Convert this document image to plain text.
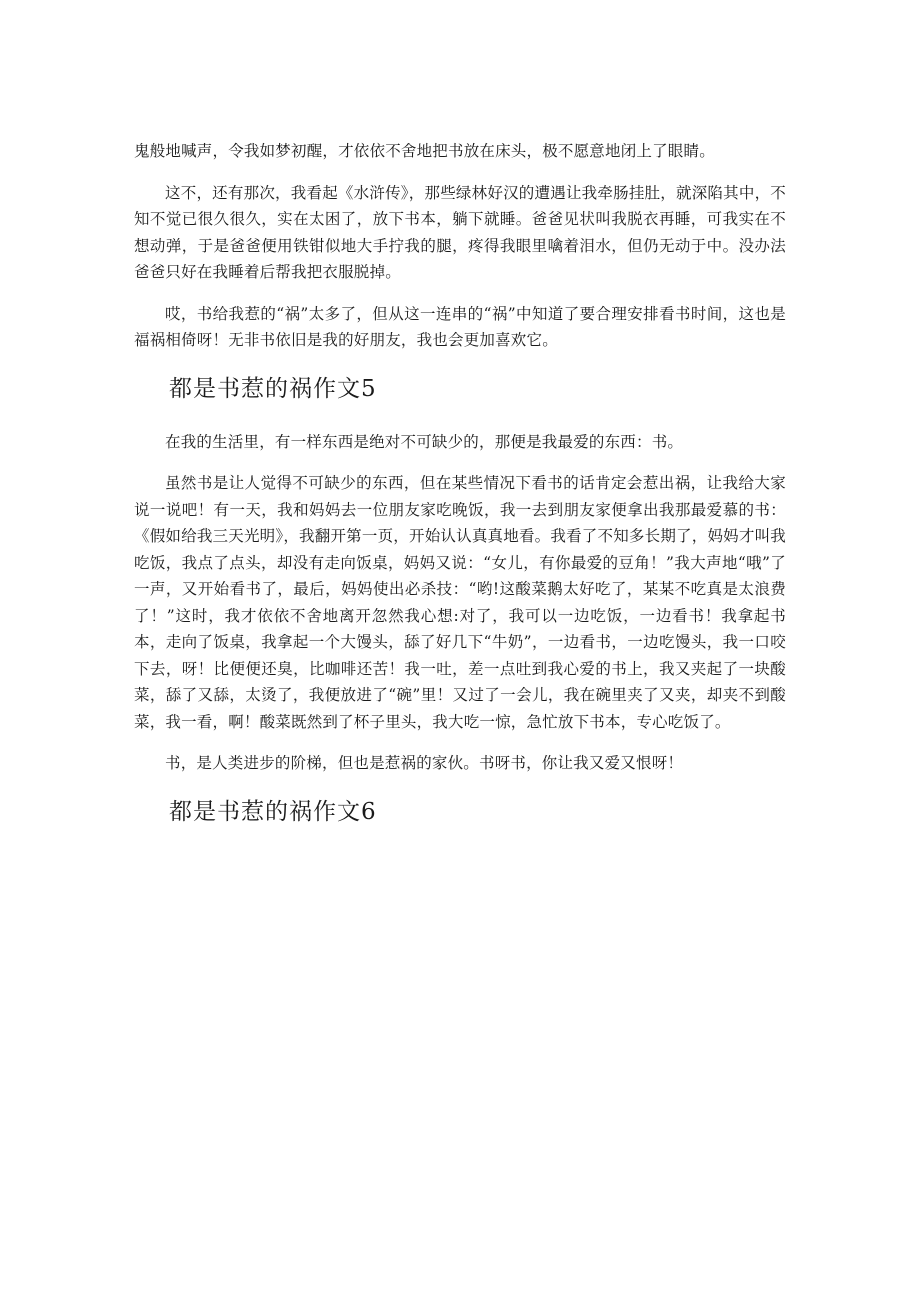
鬼般地喊声，令我如梦初醒，才依依不舍地把书放在床头，极不愿意地闭上了眼睛。

这不，还有那次，我看起《水浒传》，那些绿林好汉的遭遇让我牵肠挂肚，就深陷其中，不知不觉已很久很久，实在太困了，放下书本，躺下就睡。爸爸见状叫我脱衣再睡，可我实在不想动弹，于是爸爸便用铁钳似地大手拧我的腿，疼得我眼里噙着泪水，但仍无动于中。没办法爸爸只好在我睡着后帮我把衣服脱掉。

哎，书给我惹的“祸”太多了，但从这一连串的“祸”中知道了要合理安排看书时间，这也是福祸相倚呀！无非书依旧是我的好朋友，我也会更加喜欢它。

都是书惹的祸作文5

在我的生活里，有一样东西是绝对不可缺少的，那便是我最爱的东西：书。

虽然书是让人觉得不可缺少的东西，但在某些情况下看书的话肯定会惹出祸，让我给大家说一说吧！有一天，我和妈妈去一位朋友家吃晚饭，我一去到朋友家便拿出我那最爱慕的书：《假如给我三天光明》，我翻开第一页，开始认认真真地看。我看了不知多长期了，妈妈才叫我吃饭，我点了点头，却没有走向饭桌，妈妈又说：“女儿，有你最爱的豆角！”我大声地“哦”了一声，又开始看书了，最后，妈妈使出必杀技：“哟!这酸菜鹅太好吃了，某某不吃真是太浪费了！”这时，我才依依不舍地离开忽然我心想:对了，我可以一边吃饭，一边看书！我拿起书本，走向了饭桌，我拿起一个大馒头，舔了好几下“牛奶”，一边看书，一边吃馒头，我一口咬下去，呀！比便便还臭，比咖啡还苦！我一吐，差一点吐到我心爱的书上，我又夹起了一块酸菜，舔了又舔，太烫了，我便放进了“碗”里！又过了一会儿，我在碗里夹了又夹，却夹不到酸菜，我一看，啊！酸菜既然到了杯子里头，我大吃一惊，急忙放下书本，专心吃饭了。

书，是人类进步的阶梯，但也是惹祸的家伙。书呀书，你让我又爱又恨呀！

都是书惹的祸作文6
